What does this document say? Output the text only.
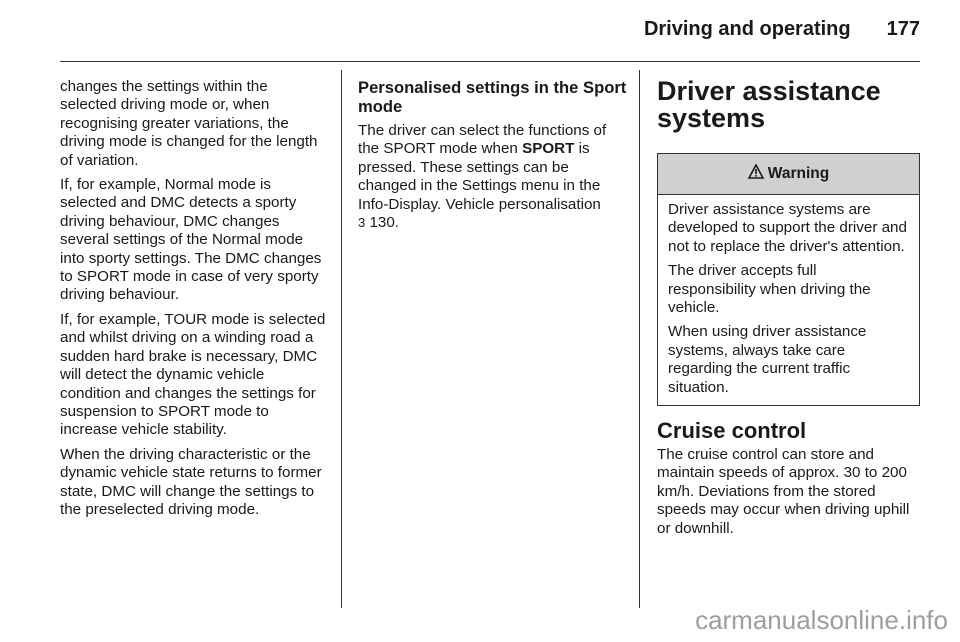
Driving and operating 177

changes the settings within the selected driving mode or, when recognising greater variations, the driving mode is changed for the length of variation.

If, for example, Normal mode is selected and DMC detects a sporty driving behaviour, DMC changes several settings of the Normal mode into sporty settings. The DMC changes to SPORT mode in case of very sporty driving behaviour.

If, for example, TOUR mode is selected and whilst driving on a winding road a sudden hard brake is necessary, DMC will detect the dynamic vehicle condition and changes the settings for suspension to SPORT mode to increase vehicle stability.

When the driving characteristic or the dynamic vehicle state returns to former state, DMC will change the settings to the preselected driving mode.

Personalised settings in the Sport mode

The driver can select the functions of the SPORT mode when SPORT is pressed. These settings can be changed in the Settings menu in the Info-Display. Vehicle personalisation
3 130.

Driver assistance systems
Warning

Driver assistance systems are developed to support the driver and not to replace the driver's attention.

The driver accepts full responsibility when driving the vehicle.

When using driver assistance systems, always take care regarding the current traffic situation.

Cruise control

The cruise control can store and maintain speeds of approx. 30 to 200 km/h. Deviations from the stored speeds may occur when driving uphill or downhill.

carmanualsonline.info
